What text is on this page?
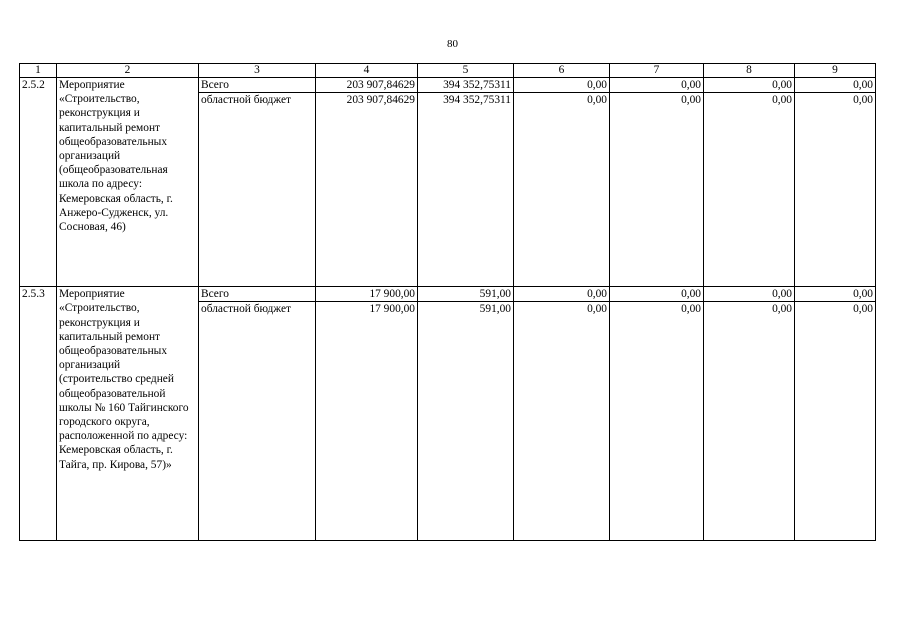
80
1	2	3	4	5	6	7	8	9
2.5.2	Мероприятие «Строительство, реконструкция и капитальный ремонт общеобразовательных организаций (общеобразовательная школа по адресу: Кемеровская область, г. Анжеро-Судженск, ул. Сосновая, 46)	Всего	203 907,84629	394 352,75311	0,00	0,00	0,00	0,00
		областной бюджет	203 907,84629	394 352,75311	0,00	0,00	0,00	0,00
2.5.3	Мероприятие «Строительство, реконструкция и капитальный ремонт общеобразовательных организаций (строительство средней общеобразовательной школы № 160 Тайгинского городского округа, расположенной по адресу: Кемеровская область, г. Тайга, пр. Кирова, 57)»	Всего	17 900,00	591,00	0,00	0,00	0,00	0,00
		областной бюджет	17 900,00	591,00	0,00	0,00	0,00	0,00
